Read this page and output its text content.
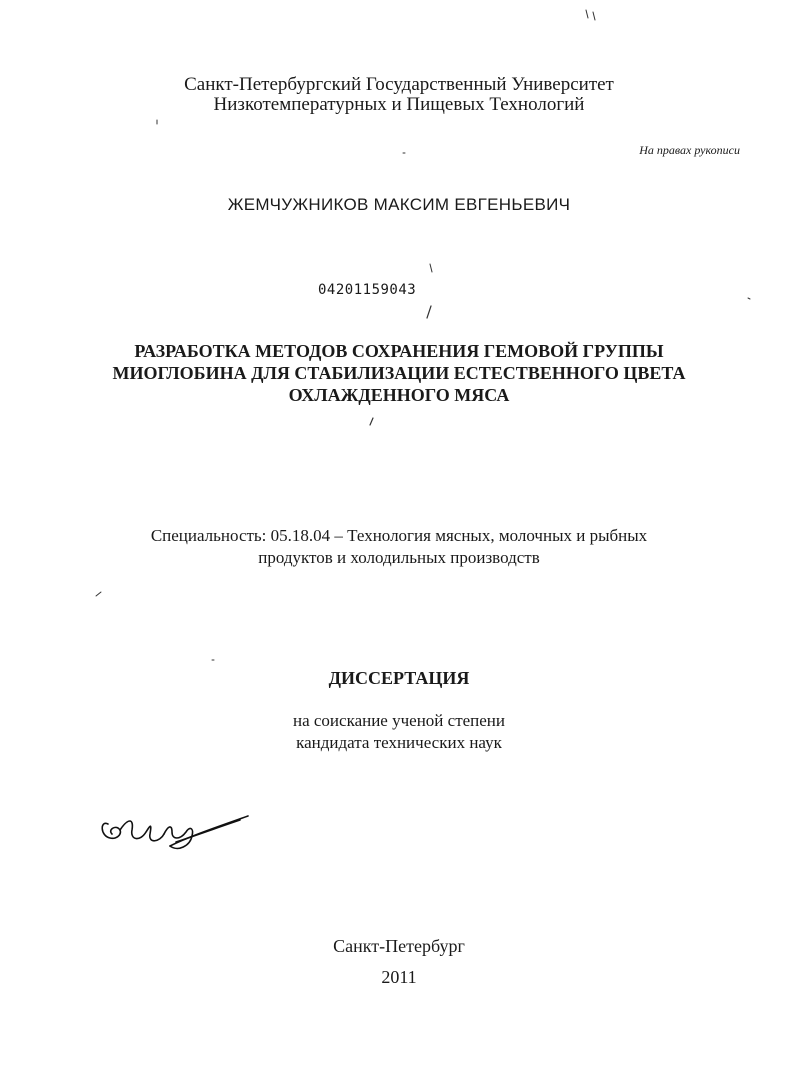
Санкт-Петербургский Государственный Университет
Низкотемпературных и Пищевых Технологий
На правах рукописи
ЖЕМЧУЖНИКОВ МАКСИМ ЕВГЕНЬЕВИЧ
04201159043
РАЗРАБОТКА МЕТОДОВ СОХРАНЕНИЯ ГЕМОВОЙ ГРУППЫ
МИОГЛОБИНА ДЛЯ СТАБИЛИЗАЦИИ ЕСТЕСТВЕННОГО ЦВЕТА
ОХЛАЖДЕННОГО МЯСА
Специальность: 05.18.04 – Технология мясных, молочных и рыбных
продуктов и холодильных производств
ДИССЕРТАЦИЯ
на соискание ученой степени
кандидата технических наук
Санкт-Петербург
2011
Жем
